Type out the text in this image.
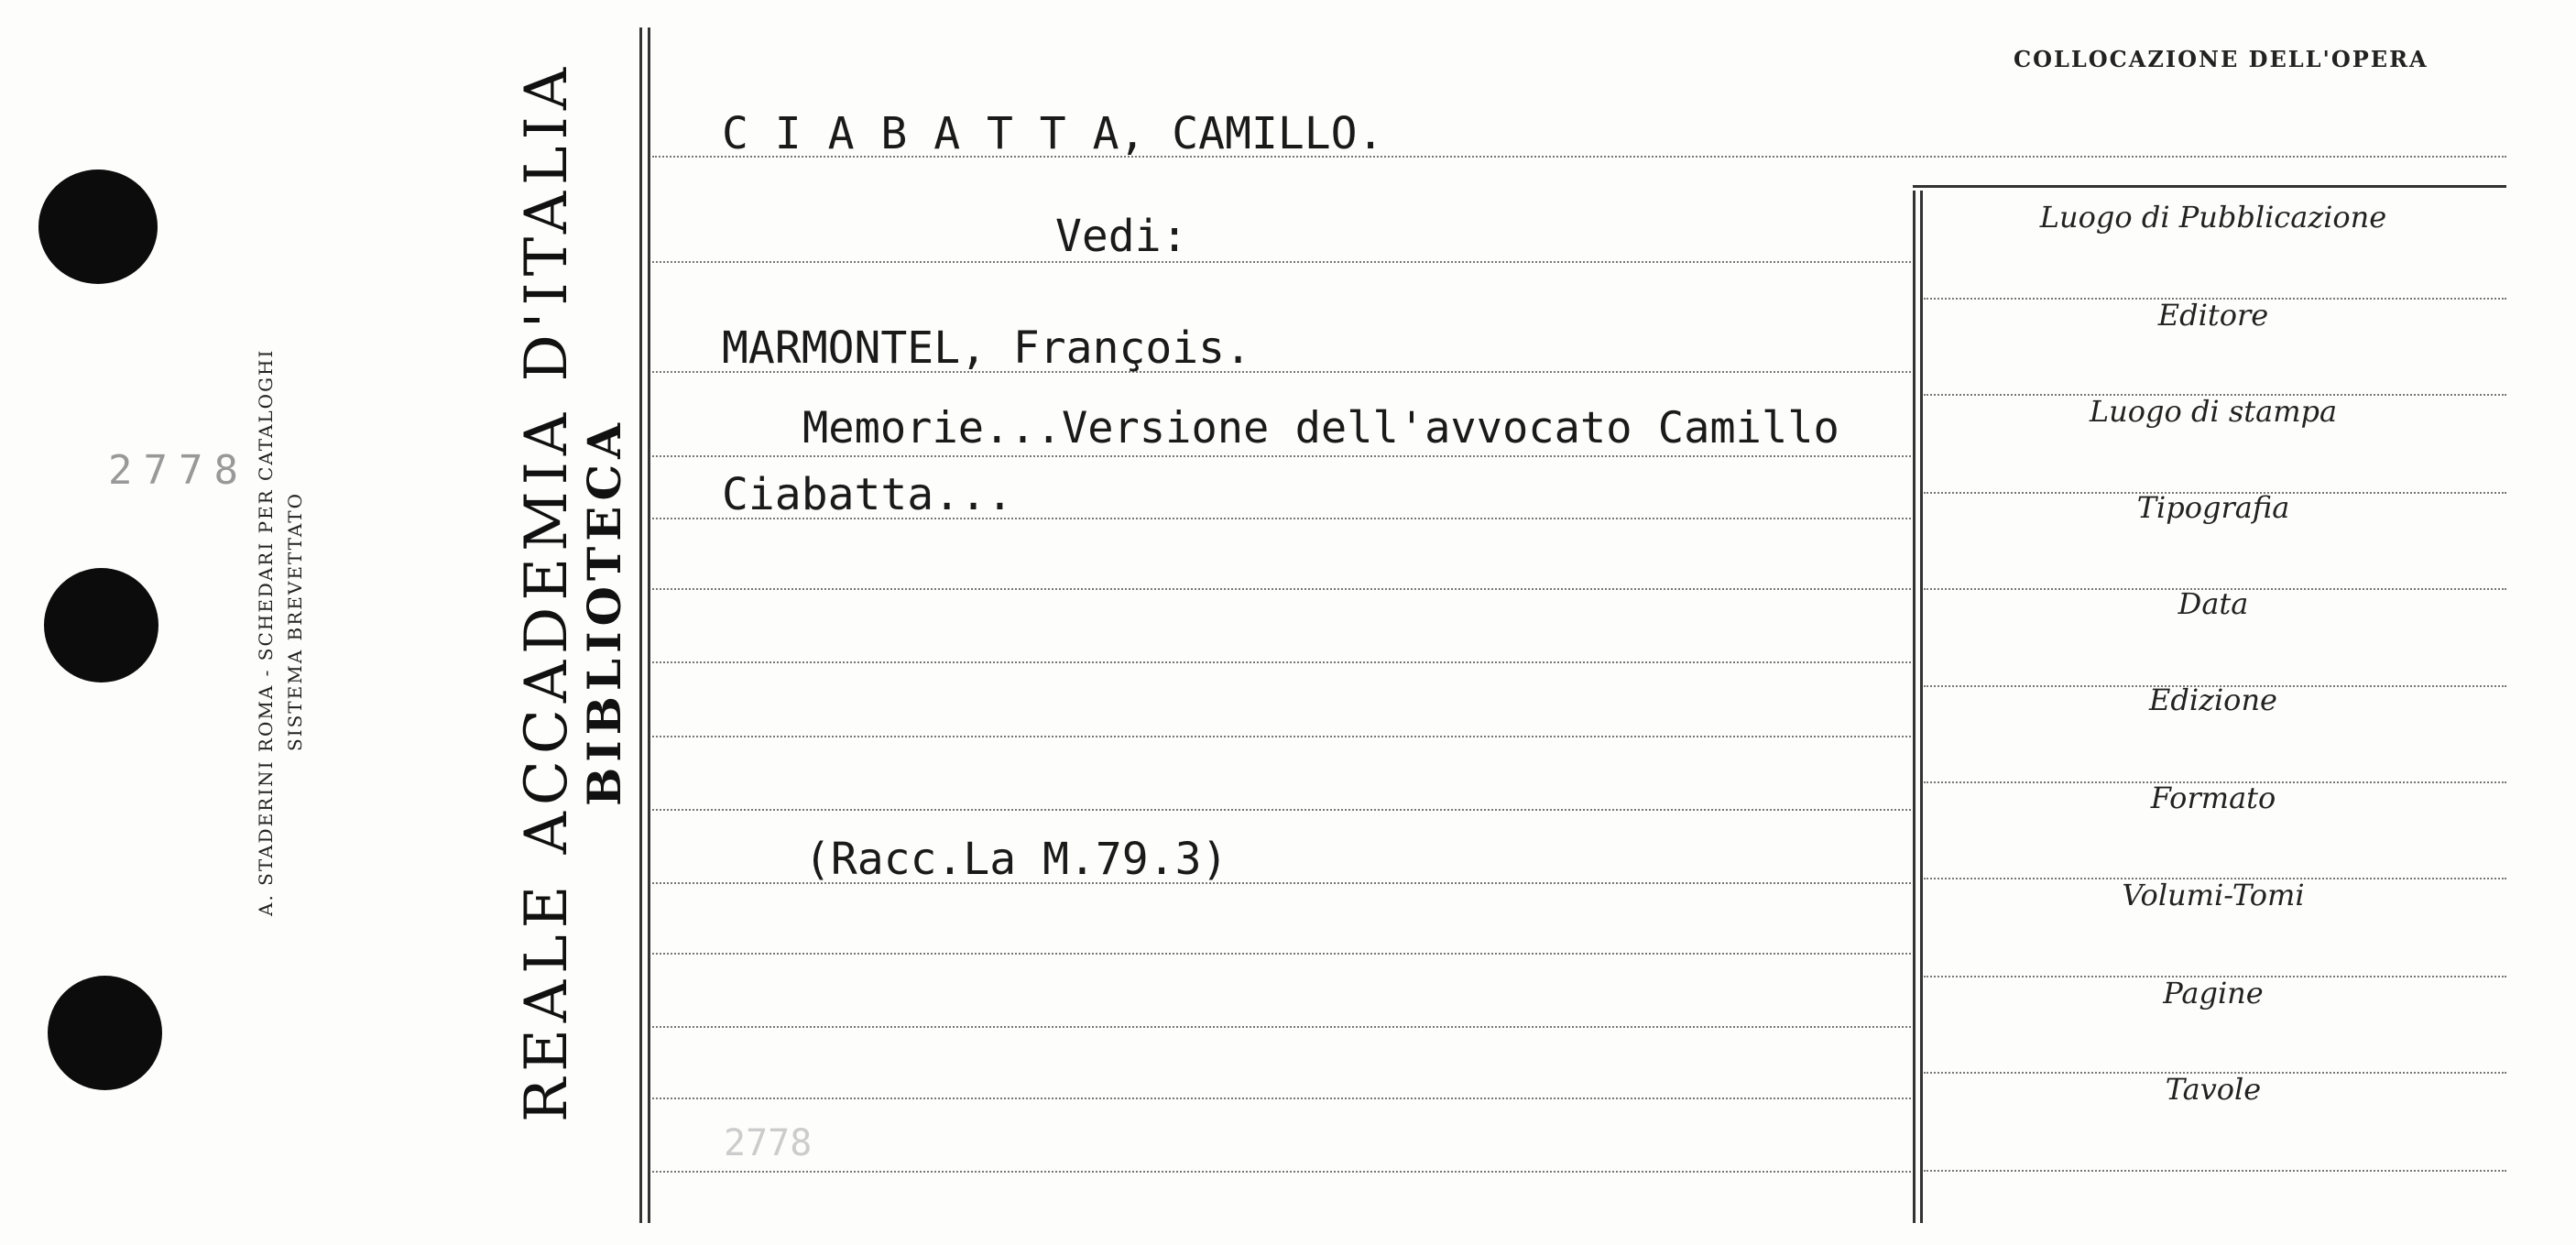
2778 A. STADERINI ROMA - SCHEDARI PER CATALOGHI SISTEMA BREVETTATO	REALE ACCADEMIA D'ITALIA
BIBLIOTECA
COLLOCAZIONE DELL'OPERA
C I A B A T T A, CAMILLO.
Vedi:
MARMONTEL, François.
Memorie...Versione dell'avvocato Camillo
Ciabatta...
(Racc.La M.79.3)
2778
Luogo di Pubblicazione
Editore
Luogo di stampa
Tipografia
Data
Edizione
Formato
Volumi-Tomi
Pagine
Tavole
